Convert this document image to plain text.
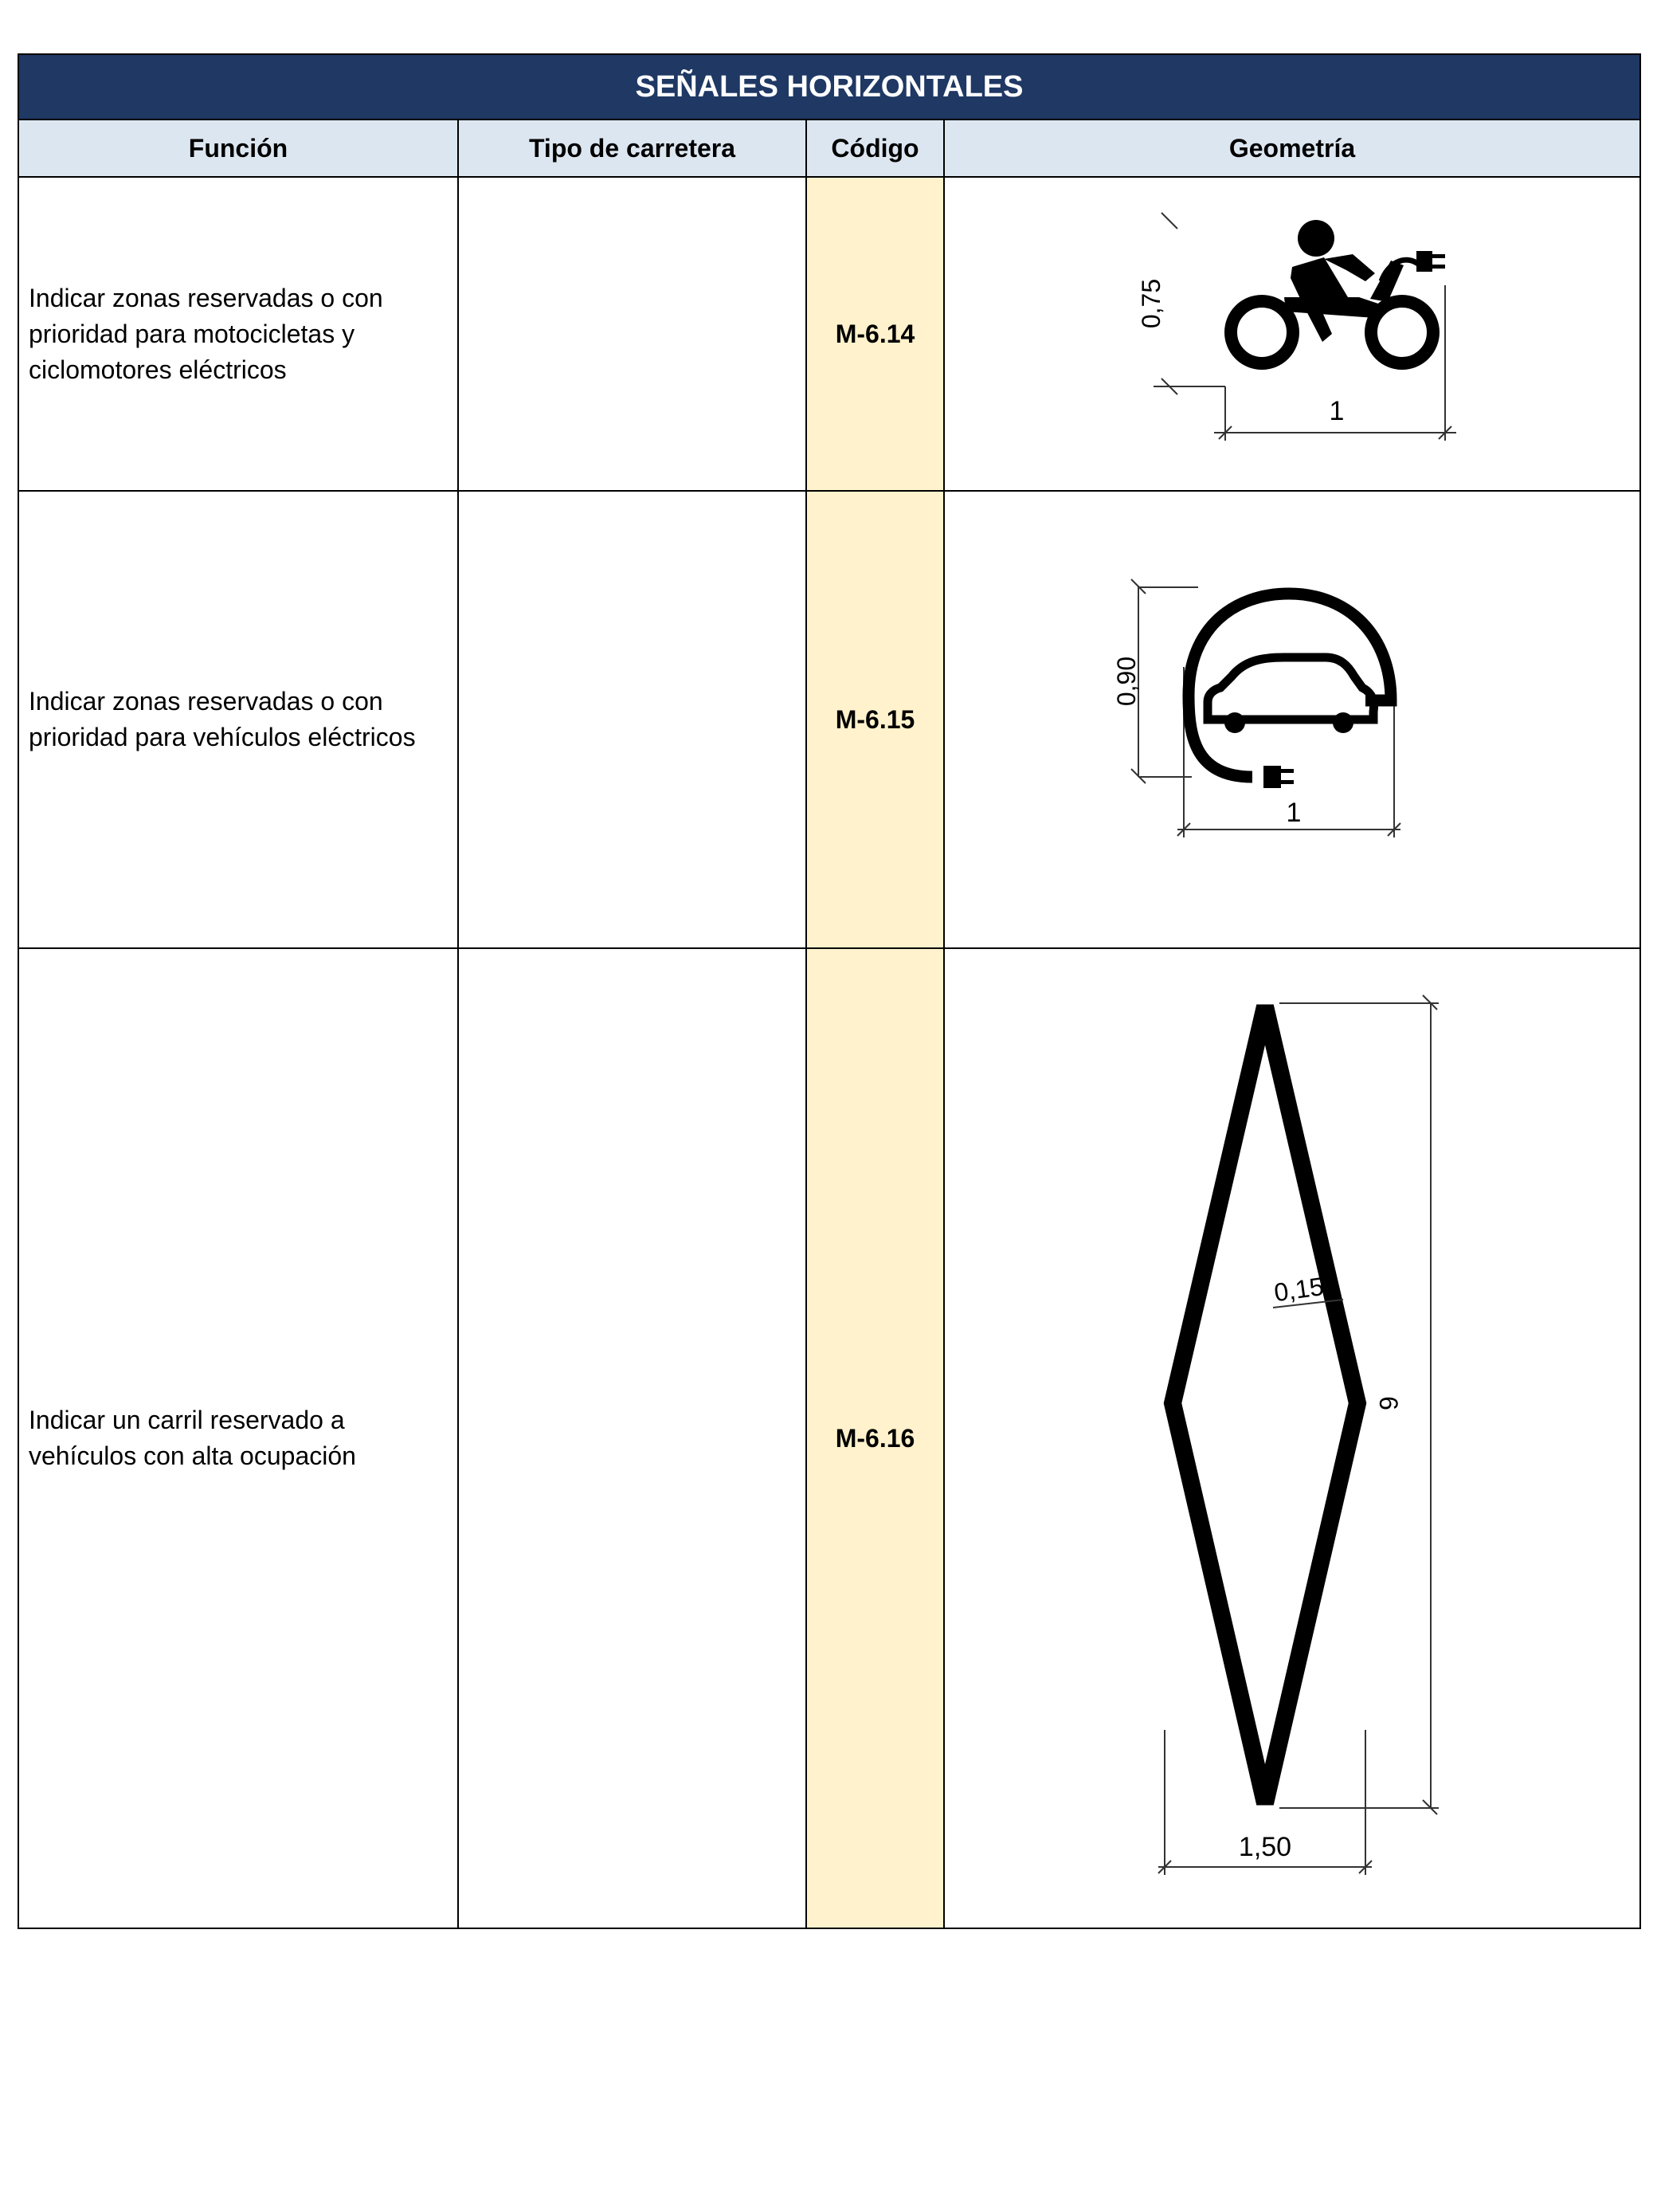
SEÑALES HORIZONTALES			
Función	Tipo de carretera	Código	Geometría
Indicar zonas reservadas o con prioridad para motocicletas y ciclomotores eléctricos		M-6.14	0,75
1

Indicar zonas reservadas o con prioridad para vehículos eléctricos		M-6.15	0,90
1

Indicar un carril reservado a vehículos con alta ocupación		M-6.16	0,15
6
1,50
